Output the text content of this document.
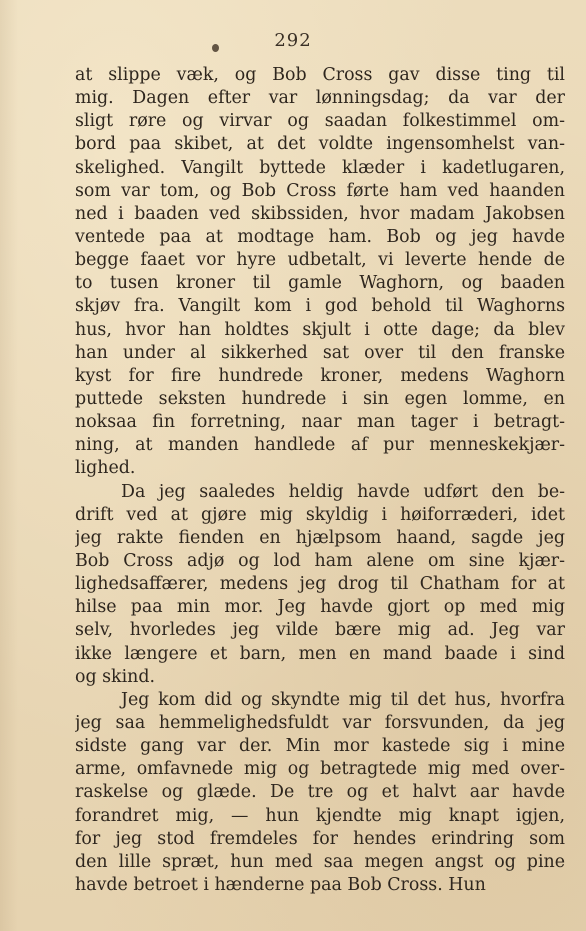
292
at slippe væk, og Bob Cross gav disse ting til
mig. Dagen efter var lønningsdag; da var der
sligt røre og virvar og saadan folkestimmel om-
bord paa skibet, at det voldte ingensomhelst van-
skelighed. Vangilt byttede klæder i kadetlugaren,
som var tom, og Bob Cross førte ham ved haanden
ned i baaden ved skibssiden, hvor madam Jakobsen
ventede paa at modtage ham. Bob og jeg havde
begge faaet vor hyre udbetalt, vi leverte hende de
to tusen kroner til gamle Waghorn, og baaden
skjøv fra. Vangilt kom i god behold til Waghorns
hus, hvor han holdtes skjult i otte dage; da blev
han under al sikkerhed sat over til den franske
kyst for fire hundrede kroner, medens Waghorn
puttede seksten hundrede i sin egen lomme, en
noksaa fin forretning, naar man tager i betragt-
ning, at manden handlede af pur menneskekjær-
lighed.
Da jeg saaledes heldig havde udført den be-
drift ved at gjøre mig skyldig i høiforræderi, idet
jeg rakte fienden en hjælpsom haand, sagde jeg
Bob Cross adjø og lod ham alene om sine kjær-
lighedsaffærer, medens jeg drog til Chatham for at
hilse paa min mor. Jeg havde gjort op med mig
selv, hvorledes jeg vilde bære mig ad. Jeg var
ikke længere et barn, men en mand baade i sind
og skind.
Jeg kom did og skyndte mig til det hus, hvorfra
jeg saa hemmelighedsfuldt var forsvunden, da jeg
sidste gang var der. Min mor kastede sig i mine
arme, omfavnede mig og betragtede mig med over-
raskelse og glæde. De tre og et halvt aar havde
forandret mig, — hun kjendte mig knapt igjen,
for jeg stod fremdeles for hendes erindring som
den lille spræt, hun med saa megen angst og pine
havde betroet i hænderne paa Bob Cross. Hun
